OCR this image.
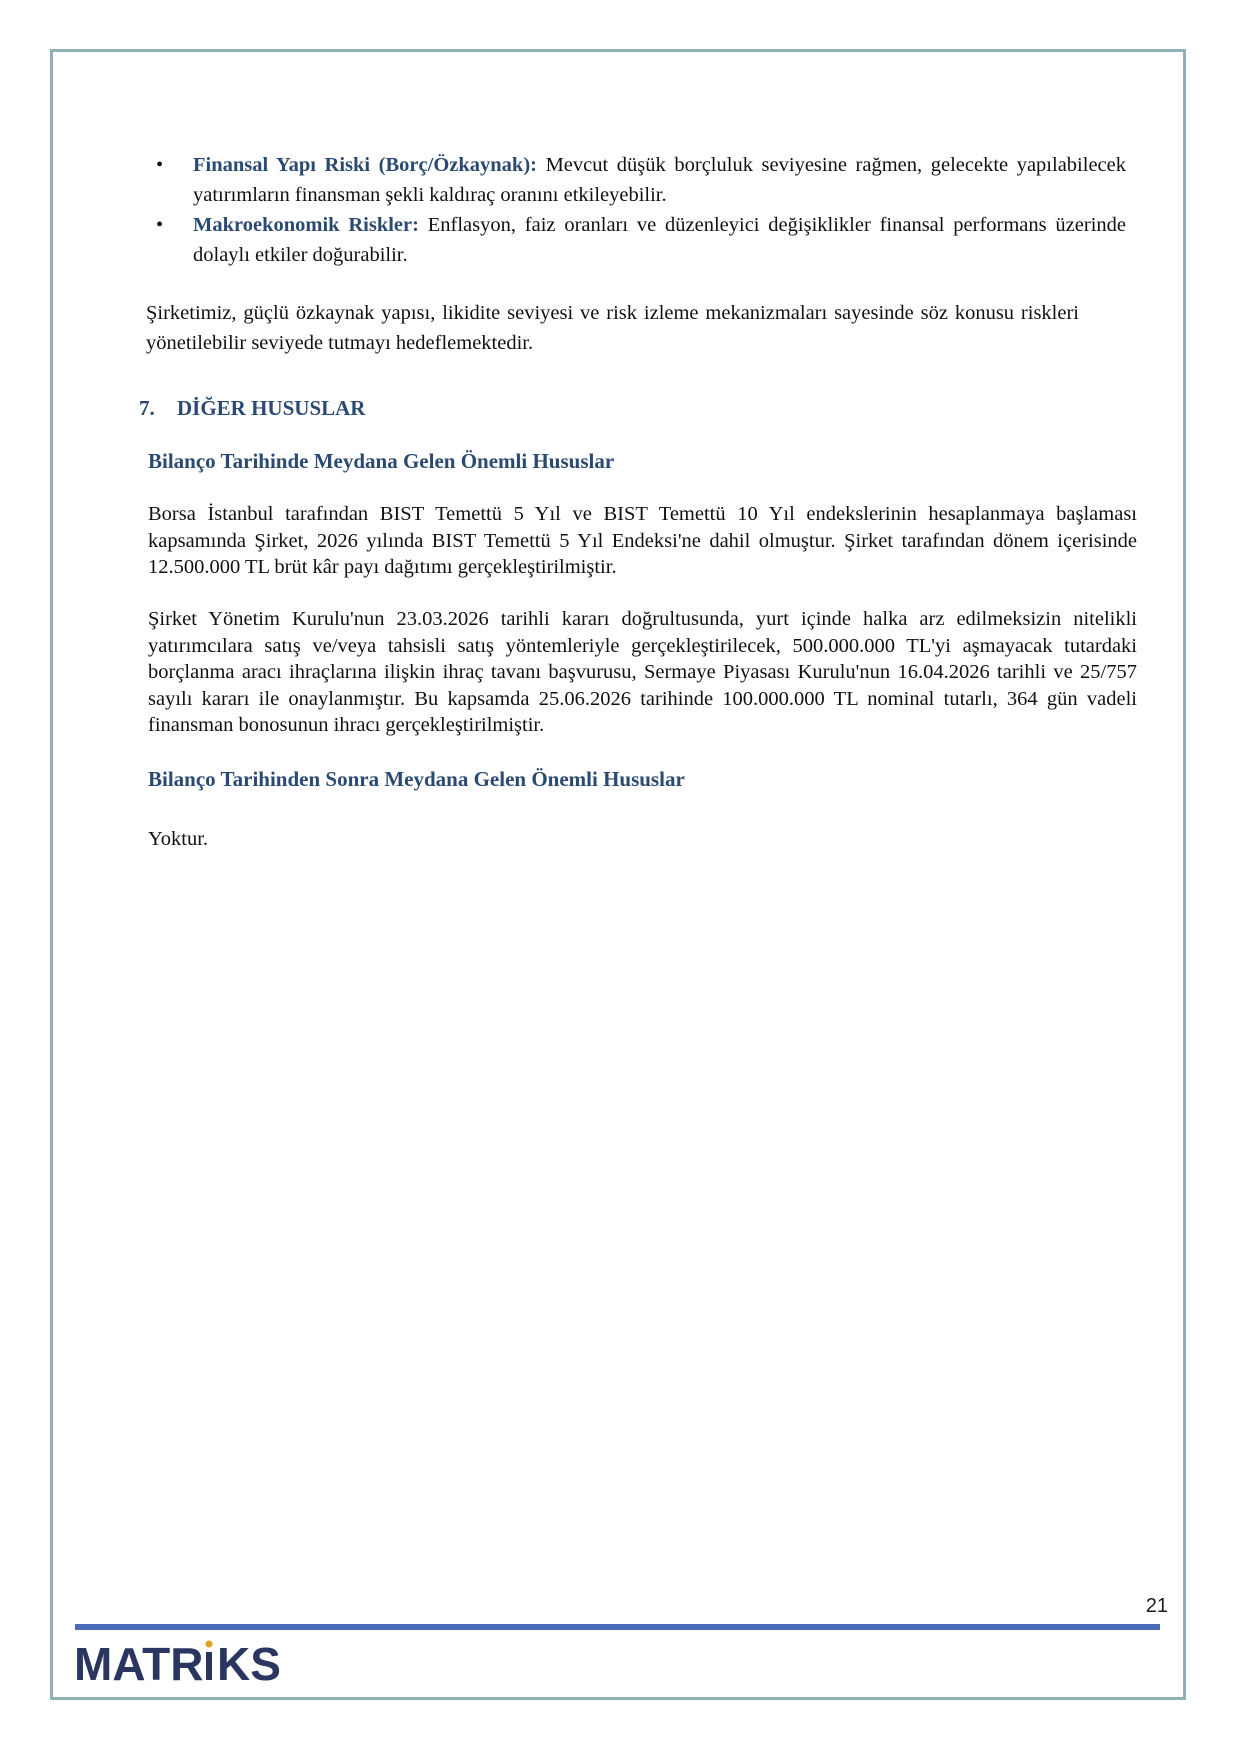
• Finansal Yapı Riski (Borç/Özkaynak): Mevcut düşük borçluluk seviyesine rağmen, gelecekte yapılabilecek yatırımların finansman şekli kaldıraç oranını etkileyebilir.
• Makroekonomik Riskler: Enflasyon, faiz oranları ve düzenleyici değişiklikler finansal performans üzerinde dolaylı etkiler doğurabilir.

Şirketimiz, güçlü özkaynak yapısı, likidite seviyesi ve risk izleme mekanizmaları sayesinde söz konusu riskleri yönetilebilir seviyede tutmayı hedeflemektedir.

7. DİĞER HUSUSLAR
Bilanço Tarihinde Meydana Gelen Önemli Hususlar

Borsa İstanbul tarafından BIST Temettü 5 Yıl ve BIST Temettü 10 Yıl endekslerinin hesaplanmaya başlaması kapsamında Şirket, 2026 yılında BIST Temettü 5 Yıl Endeksi'ne dahil olmuştur. Şirket tarafından dönem içerisinde 12.500.000 TL brüt kâr payı dağıtımı gerçekleştirilmiştir.

Şirket Yönetim Kurulu'nun 23.03.2026 tarihli kararı doğrultusunda, yurt içinde halka arz edilmeksizin nitelikli yatırımcılara satış ve/veya tahsisli satış yöntemleriyle gerçekleştirilecek, 500.000.000 TL'yi aşmayacak tutardaki borçlanma aracı ihraçlarına ilişkin ihraç tavanı başvurusu, Sermaye Piyasası Kurulu'nun 16.04.2026 tarihli ve 25/757 sayılı kararı ile onaylanmıştır. Bu kapsamda 25.06.2026 tarihinde 100.000.000 TL nominal tutarlı, 364 gün vadeli finansman bonosunun ihracı gerçekleştirilmiştir.

Bilanço Tarihinden Sonra Meydana Gelen Önemli Hususlar

Yoktur.

21
MATR KS
